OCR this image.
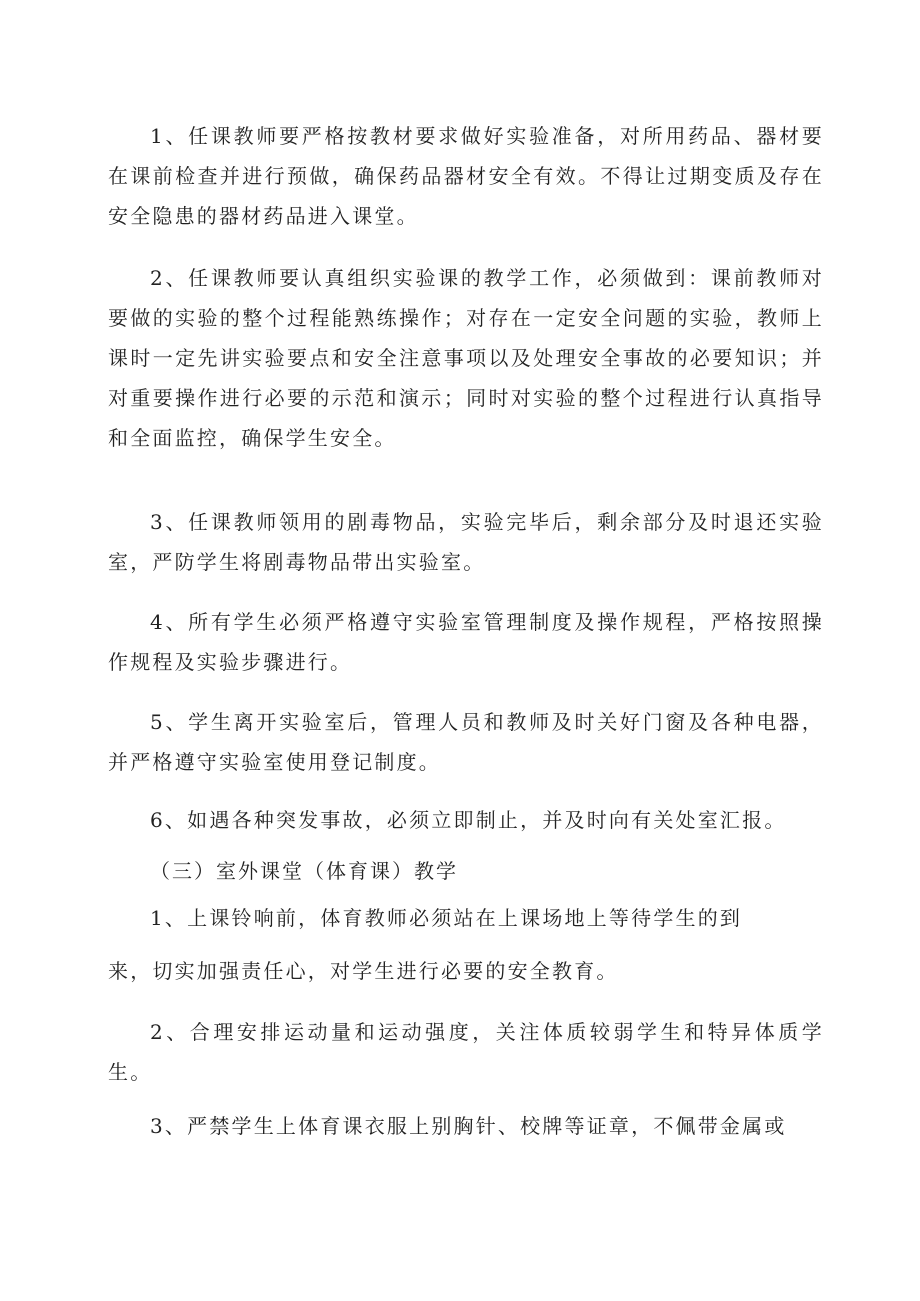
1、任课教师要严格按教材要求做好实验准备，对所用药品、器材要在课前检查并进行预做，确保药品器材安全有效。不得让过期变质及存在安全隐患的器材药品进入课堂。

2、任课教师要认真组织实验课的教学工作，必须做到：课前教师对要做的实验的整个过程能熟练操作；对存在一定安全问题的实验，教师上课时一定先讲实验要点和安全注意事项以及处理安全事故的必要知识；并对重要操作进行必要的示范和演示；同时对实验的整个过程进行认真指导和全面监控，确保学生安全。

3、任课教师领用的剧毒物品，实验完毕后，剩余部分及时退还实验室，严防学生将剧毒物品带出实验室。

4、所有学生必须严格遵守实验室管理制度及操作规程，严格按照操作规程及实验步骤进行。

5、学生离开实验室后，管理人员和教师及时关好门窗及各种电器，并严格遵守实验室使用登记制度。

6、如遇各种突发事故，必须立即制止，并及时向有关处室汇报。

（三）室外课堂（体育课）教学

1、上课铃响前，体育教师必须站在上课场地上等待学生的到

来，切实加强责任心，对学生进行必要的安全教育。

2、合理安排运动量和运动强度，关注体质较弱学生和特异体质学生。

3、严禁学生上体育课衣服上别胸针、校牌等证章，不佩带金属或
